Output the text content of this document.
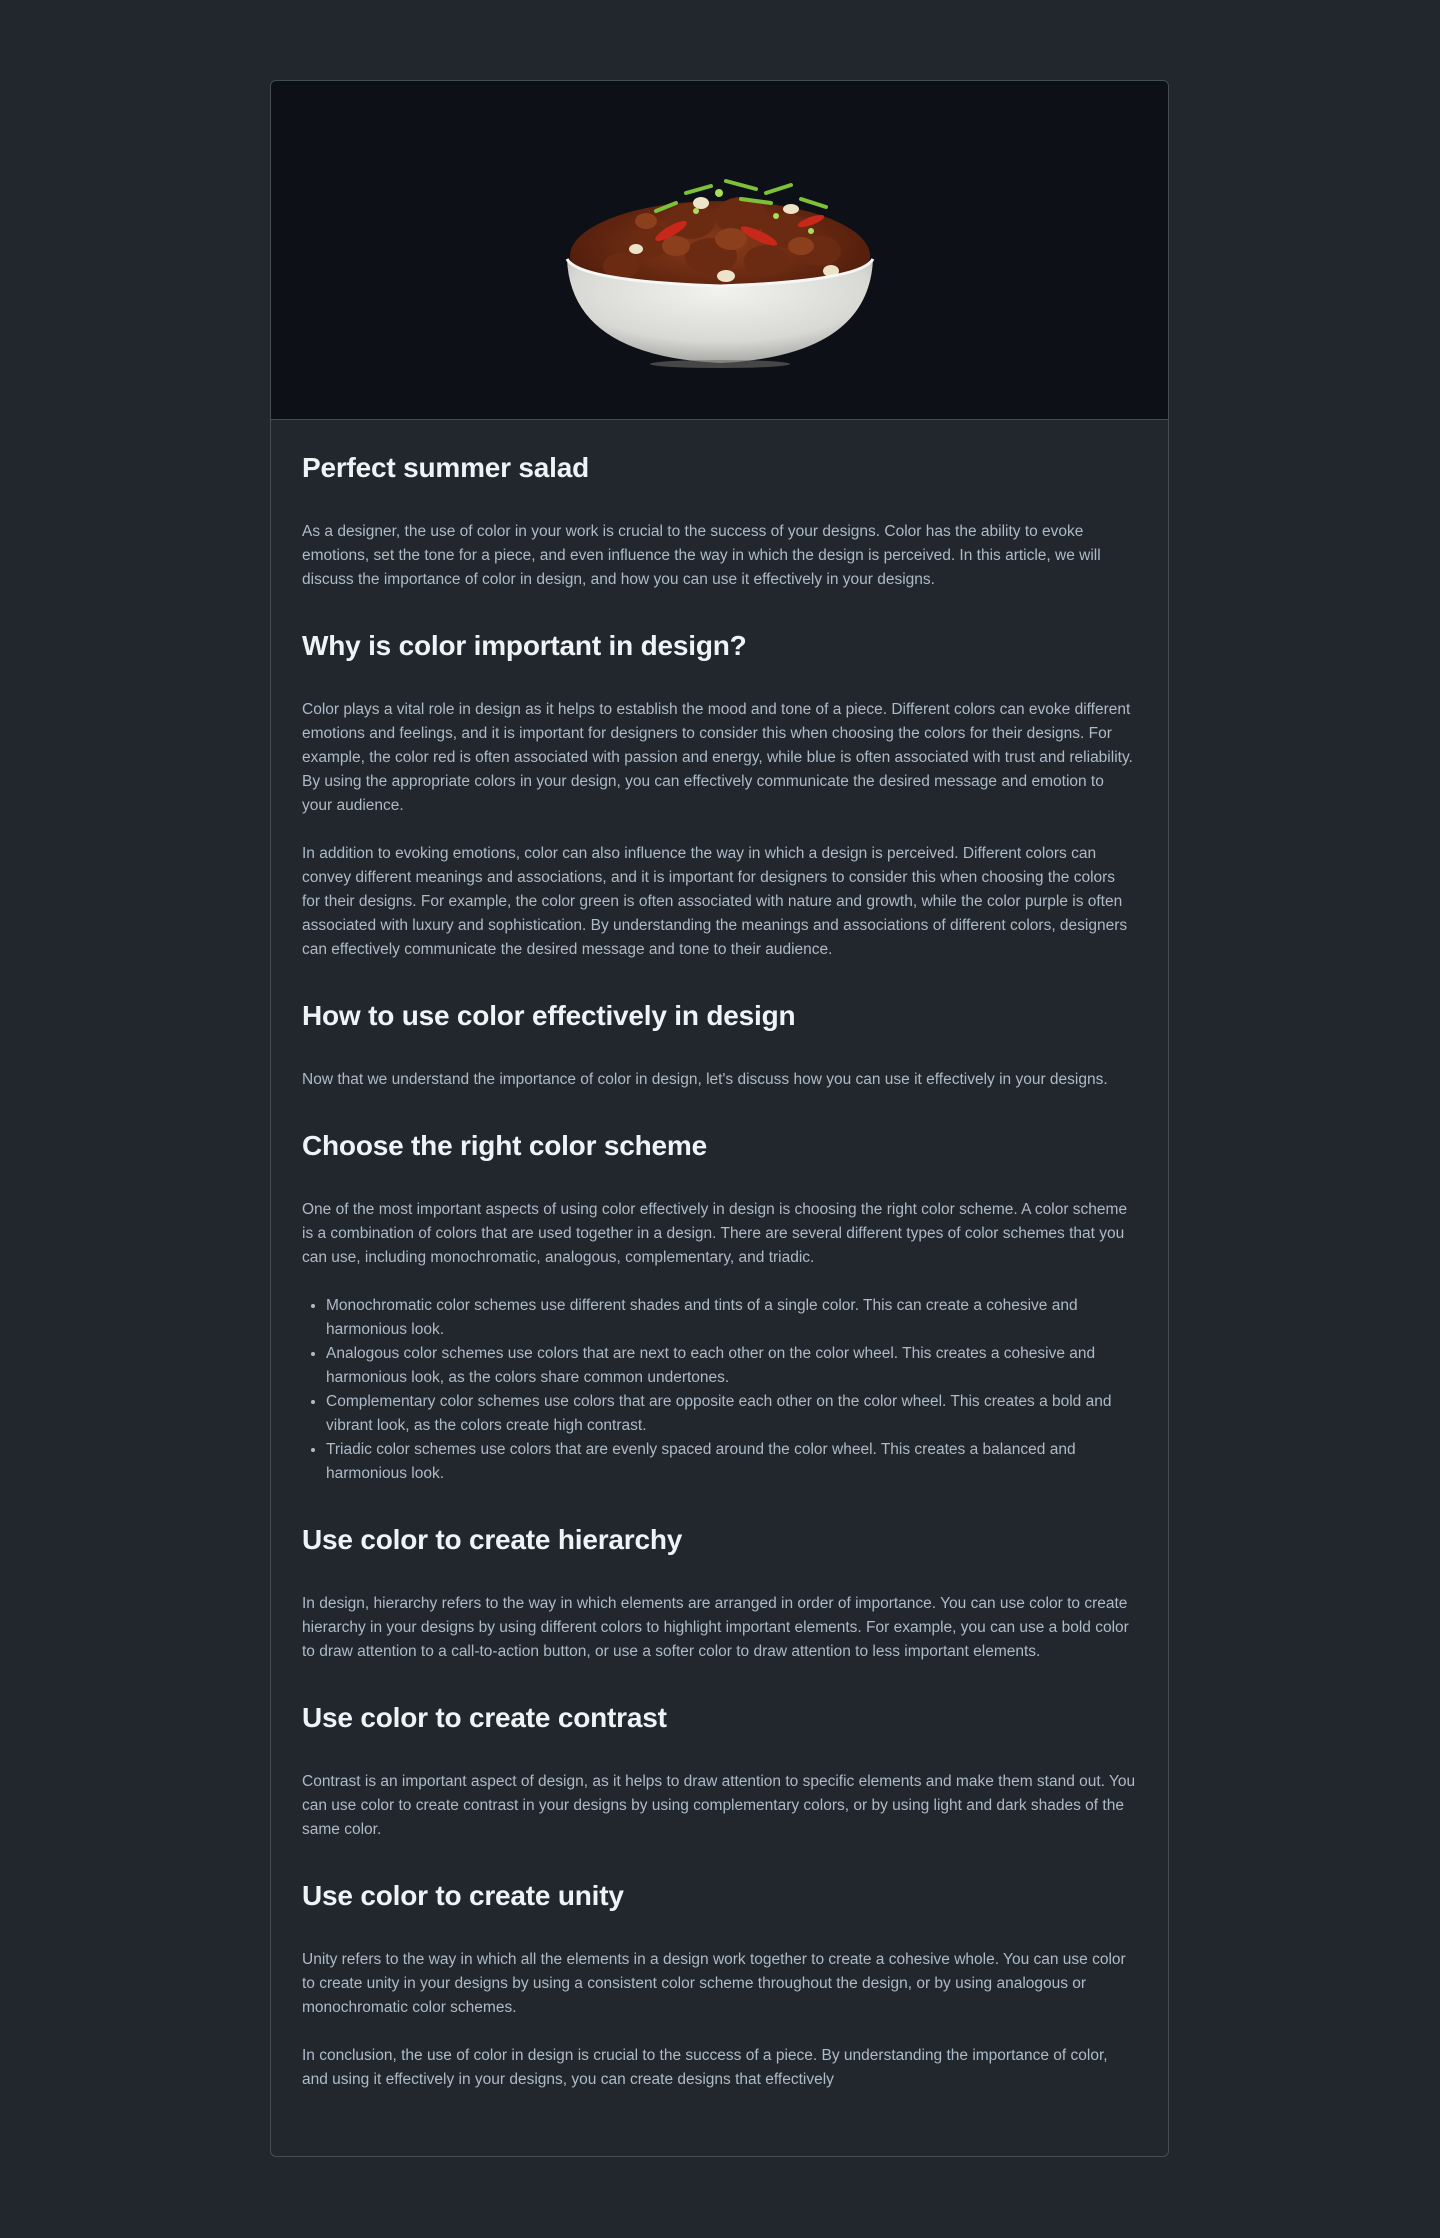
Perfect summer salad

As a designer, the use of color in your work is crucial to the success of your designs. Color has the ability to evoke emotions, set the tone for a piece, and even influence the way in which the design is perceived. In this article, we will discuss the importance of color in design, and how you can use it effectively in your designs.

Why is color important in design?

Color plays a vital role in design as it helps to establish the mood and tone of a piece. Different colors can evoke different emotions and feelings, and it is important for designers to consider this when choosing the colors for their designs. For example, the color red is often associated with passion and energy, while blue is often associated with trust and reliability. By using the appropriate colors in your design, you can effectively communicate the desired message and emotion to your audience.

In addition to evoking emotions, color can also influence the way in which a design is perceived. Different colors can convey different meanings and associations, and it is important for designers to consider this when choosing the colors for their designs. For example, the color green is often associated with nature and growth, while the color purple is often associated with luxury and sophistication. By understanding the meanings and associations of different colors, designers can effectively communicate the desired message and tone to their audience.

How to use color effectively in design

Now that we understand the importance of color in design, let's discuss how you can use it effectively in your designs.

Choose the right color scheme

One of the most important aspects of using color effectively in design is choosing the right color scheme. A color scheme is a combination of colors that are used together in a design. There are several different types of color schemes that you can use, including monochromatic, analogous, complementary, and triadic.

• Monochromatic color schemes use different shades and tints of a single color. This can create a cohesive and harmonious look.
• Analogous color schemes use colors that are next to each other on the color wheel. This creates a cohesive and harmonious look, as the colors share common undertones.
• Complementary color schemes use colors that are opposite each other on the color wheel. This creates a bold and vibrant look, as the colors create high contrast.
• Triadic color schemes use colors that are evenly spaced around the color wheel. This creates a balanced and harmonious look.
Use color to create hierarchy

In design, hierarchy refers to the way in which elements are arranged in order of importance. You can use color to create hierarchy in your designs by using different colors to highlight important elements. For example, you can use a bold color to draw attention to a call-to-action button, or use a softer color to draw attention to less important elements.

Use color to create contrast

Contrast is an important aspect of design, as it helps to draw attention to specific elements and make them stand out. You can use color to create contrast in your designs by using complementary colors, or by using light and dark shades of the same color.

Use color to create unity

Unity refers to the way in which all the elements in a design work together to create a cohesive whole. You can use color to create unity in your designs by using a consistent color scheme throughout the design, or by using analogous or monochromatic color schemes.

In conclusion, the use of color in design is crucial to the success of a piece. By understanding the importance of color, and using it effectively in your designs, you can create designs that effectively
